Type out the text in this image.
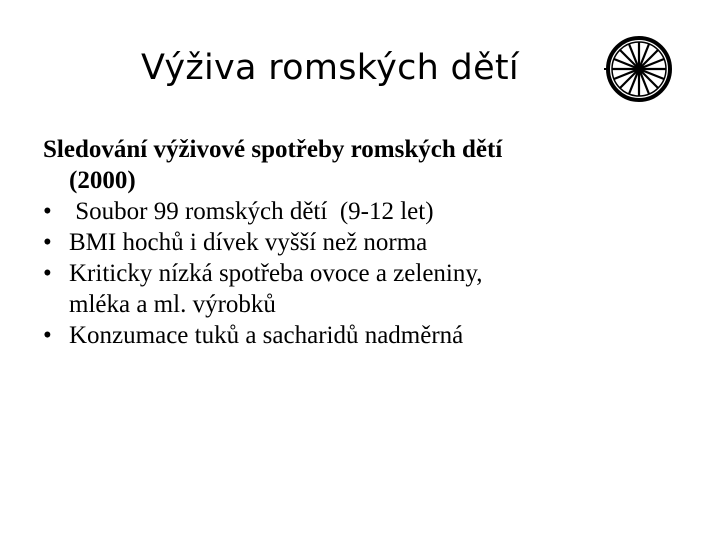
Výživa romských dětí
Sledování výživové spotřeby romských dětí
(2000)
• Soubor 99 romských dětí  (9-12 let)
• BMI hochů i dívek vyšší než norma
• Kriticky nízká spotřeba ovoce a zeleniny,
mléka a ml. výrobků
• Konzumace tuků a sacharidů nadměrná
